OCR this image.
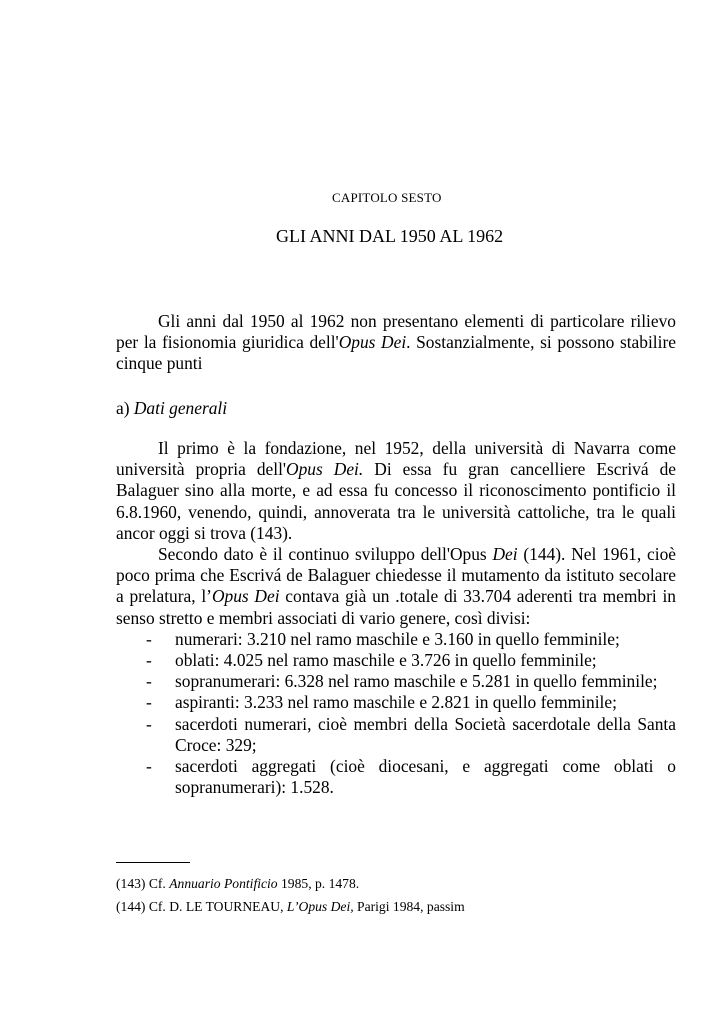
CAPITOLO SESTO
GLI ANNI DAL 1950 AL 1962

Gli anni dal 1950 al 1962 non presentano elementi di particolare rilievo per la fisionomia giuridica dell'Opus Dei. Sostanzialmente, si possono stabilire cinque punti

a) Dati generali

Il primo è la fondazione, nel 1952, della università di Navarra come università propria dell'Opus Dei. Di essa fu gran cancelliere Escrivá de Balaguer sino alla morte, e ad essa fu concesso il riconoscimento pontificio il 6.8.1960, venendo, quindi, annoverata tra le università cattoliche, tra le quali ancor oggi si trova (143).

Secondo dato è il continuo sviluppo dell'Opus Dei (144). Nel 1961, cioè poco prima che Escrivá de Balaguer chiedesse il mutamento da istituto secolare a prelatura, l’Opus Dei contava già un .totale di 33.704 aderenti tra membri in senso stretto e membri associati di vario genere, così divisi:

- numerari: 3.210 nel ramo maschile e 3.160 in quello femminile;
- oblati: 4.025 nel ramo maschile e 3.726 in quello femminile;
- sopranumerari: 6.328 nel ramo maschile e 5.281 in quello femminile;
- aspiranti: 3.233 nel ramo maschile e 2.821 in quello femminile;
- sacerdoti numerari, cioè membri della Società sacerdotale della Santa Croce: 329;
- sacerdoti aggregati (cioè diocesani, e aggregati come oblati o sopranumerari): 1.528.
(143) Cf. Annuario Pontificio 1985, p. 1478.
(144) Cf. D. LE TOURNEAU, L’Opus Dei, Parigi 1984, passim
